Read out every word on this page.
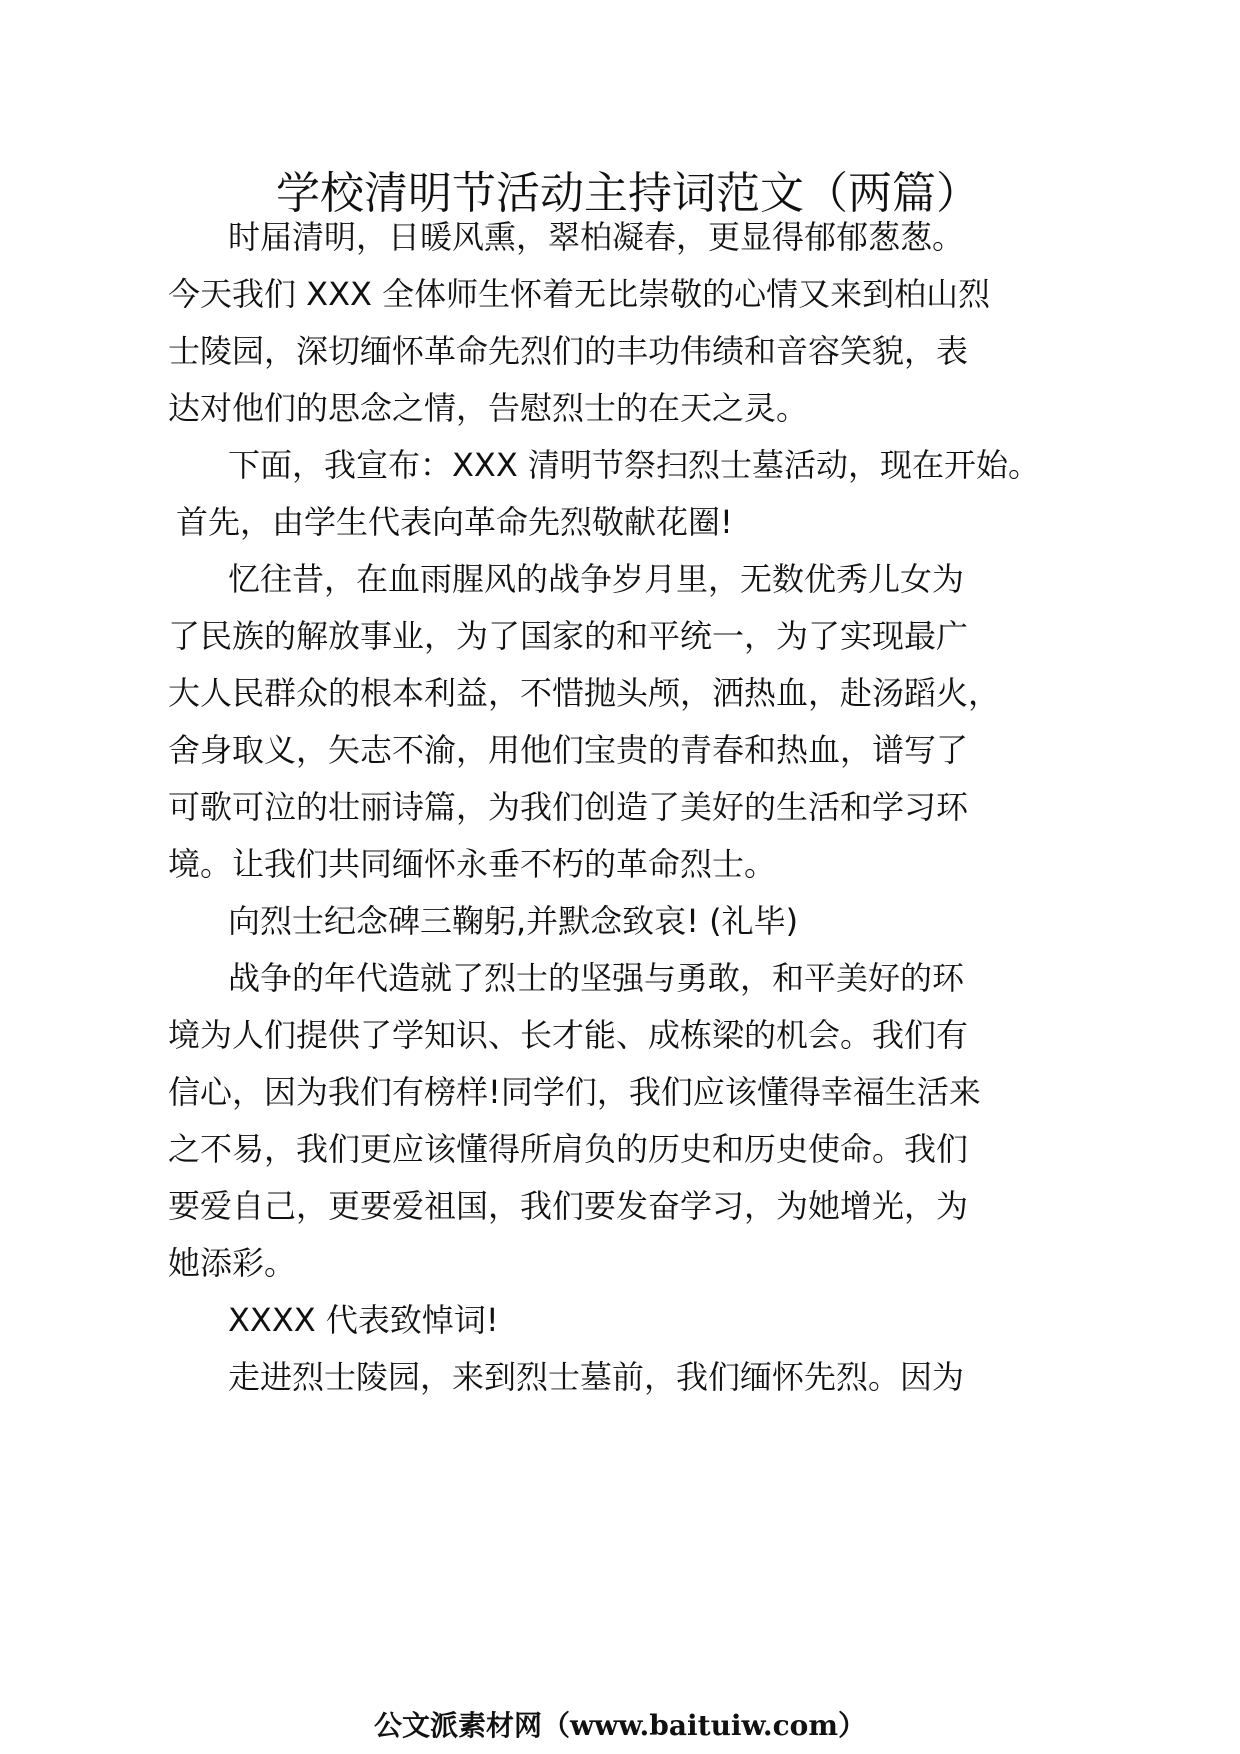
学校清明节活动主持词范文（两篇）
时届清明，日暖风熏，翠柏凝春，更显得郁郁葱葱。
今天我们 XXX 全体师生怀着无比崇敬的心情又来到柏山烈
士陵园，深切缅怀革命先烈们的丰功伟绩和音容笑貌，表
达对他们的思念之情，告慰烈士的在天之灵。
下面，我宣布：XXX 清明节祭扫烈士墓活动，现在开始。
首先，由学生代表向革命先烈敬献花圈!
忆往昔，在血雨腥风的战争岁月里，无数优秀儿女为
了民族的解放事业，为了国家的和平统一，为了实现最广
大人民群众的根本利益，不惜抛头颅，洒热血，赴汤蹈火，
舍身取义，矢志不渝，用他们宝贵的青春和热血，谱写了
可歌可泣的壮丽诗篇，为我们创造了美好的生活和学习环
境。让我们共同缅怀永垂不朽的革命烈士。
向烈士纪念碑三鞠躬,并默念致哀! (礼毕)
战争的年代造就了烈士的坚强与勇敢，和平美好的环
境为人们提供了学知识、长才能、成栋梁的机会。我们有
信心，因为我们有榜样!同学们，我们应该懂得幸福生活来
之不易，我们更应该懂得所肩负的历史和历史使命。我们
要爱自己，更要爱祖国，我们要发奋学习，为她增光，为
她添彩。
XXXX 代表致悼词!
走进烈士陵园，来到烈士墓前，我们缅怀先烈。因为
公文派素材网（www.baituiw.com）
